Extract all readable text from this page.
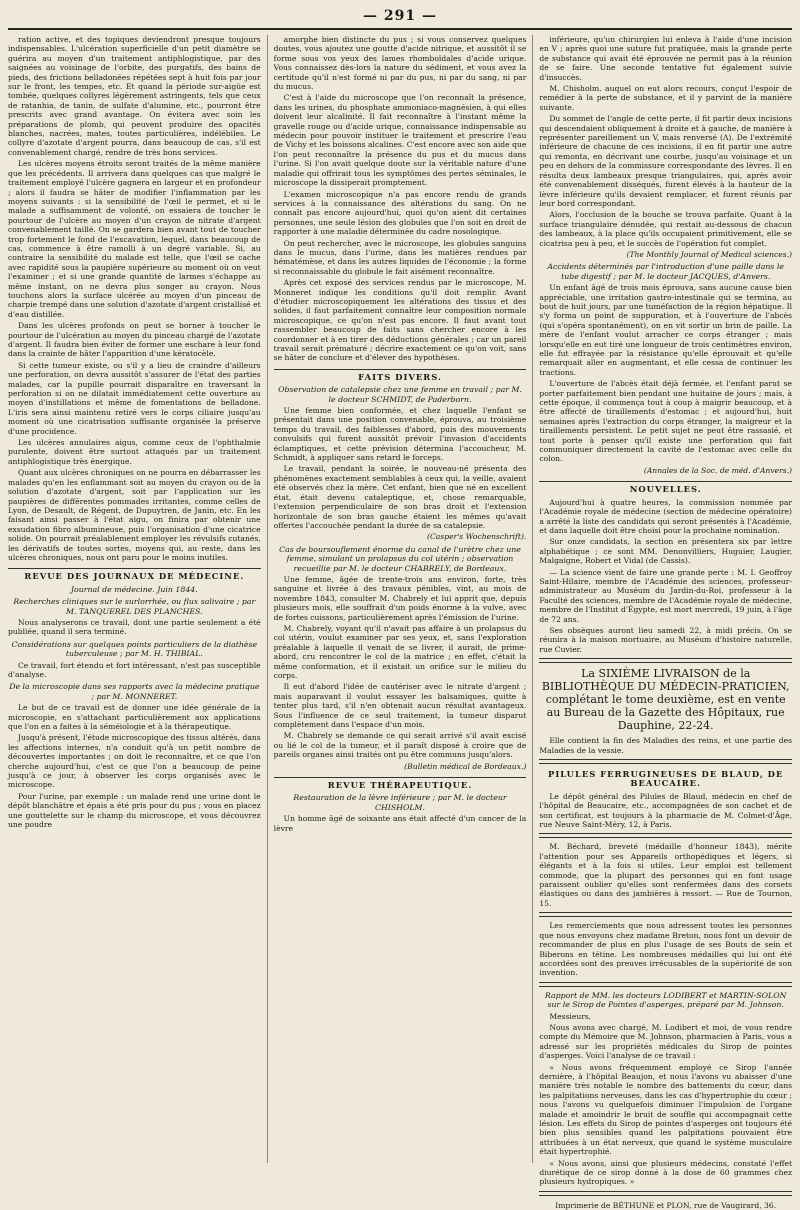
— 291 —

ration active, et des topiques deviendront presque toujours indispensables. L'ulcération superficielle d'un petit diamètre se guérira au moyen d'un traitement antiphlogistique, par des saignées au voisinage de l'orbite, des purgatifs, des bains de pieds, des frictions belladonées répétées sept à huit fois par jour sur le front, les tempes, etc. Et quand la période sur-aigüe est tombée, quelques collyres légèrement astringents, tels que ceux de ratanhia, de tanin, de sulfate d'alumine, etc., pourront être prescrits avec grand avantage. On évitera avec soin les préparations de plomb, qui peuvent produire des opacités blanches, nacrées, mates, toutes particulières, indélébiles. Le collyre d'azotate d'argent pourra, dans beaucoup de cas, s'il est convenablement chargé, rendre de très bons services.

Les ulcères moyens étroits seront traités de la même manière que les précédents. Il arrivera dans quelques cas que malgré le traitement employé l'ulcère gagnera en largeur et en profondeur ; alors il faudra se hâter de modifier l'inflammation par les moyens suivants : si la sensibilité de l'œil le permet, et si le malade a suffisamment de volonté, on essaiera de toucher le pourtour de l'ulcère au moyen d'un crayon de nitrate d'argent convenablement taillé. On se gardera bien avant tout de toucher trop fortement le fond de l'excavation, lequel, dans beaucoup de cas, commence à être ramolli à un degré variable. Si, au contraire la sensibilité du malade est telle, que l'œil se cache avec rapidité sous la paupière supérieure au moment où on veut l'examiner ; et si une grande quantité de larmes s'échappe au même instant, on ne devra plus songer au crayon. Nous touchons alors la surface ulcérée au moyen d'un pinceau de charpie trempé dans une solution d'azotate d'argent cristallisé et d'eau distillée.

Dans les ulcères profonds on peut se borner à toucher le pourtour de l'ulcération au moyen du pinceau chargé de l'azotate d'argent. Il faudra bien éviter de former une eschare à leur fond dans la crainte de hâter l'apparition d'une kératocèle.

Si cette tumeur existe, ou s'il y a lieu de craindre d'ailleurs une perforation, on devra aussitôt s'assurer de l'état des parties malades, car la pupille pourrait disparaître en traversant la perforation si on ne dilatait immédiatement cette ouverture au moyen d'instillations et même de fomentations de belladone. L'iris sera ainsi maintenu retiré vers le corps ciliaire jusqu'au moment où une cicatrisation suffisante organisée la préserve d'une procidence.

Les ulcères annulaires aigus, comme ceux de l'ophthalmie purulente, doivent être surtout attaqués par un traitement antiphlogistique très énergique.

Quant aux ulcères chroniques on ne pourra en débarrasser les malades qu'en les enflammant soit au moyen du crayon ou de la solution d'azotate d'argent, soit par l'application sur les paupières de différentes pommades irritantes, comme celles de Lyon, de Desault, de Régent, de Dupuytren, de Janin, etc. En les faisant ainsi passer à l'état aigu, on finira par obtenir une exsudation fibro albumineuse, puis l'organisation d'une cicatrice solide. On pourrait préalablement employer les révulsifs cutanés, les dérivatifs de toutes sortes, moyens qui, au reste, dans les ulcères chroniques, nous ont paru pour le moins inutiles.

REVUE DES JOURNAUX DE MÉDECINE.
Journal de médecine. Juin 1844.
Recherches cliniques sur le surlorrhée, ou flux salivaire ; par M. TANQUEREL DES PLANCHES.

Nous analyserons ce travail, dont une partie seulement a été publiée, quand il sera terminé.

Considérations sur quelques points particuliers de la diathèse tuberculeuse ; par M. H. THIBIAL.

Ce travail, fort étendu et fort intéressant, n'est pas susceptible d'analyse.

De la microscopie dans ses rapports avec la médecine pratique ; par M. MONNERET.

Le but de ce travail est de donner une idée générale de la microscopie, en s'attachant particulièrement aux applications que l'on en a faites à la séméiologie et à la thérapeutique.

Jusqu'à présent, l'étude microscopique des tissus altérés, dans les affections internes, n'a conduit qu'à un petit nombre de découvertes importantes ; on doit le reconnaître, et ce que l'on cherche aujourd'hui, c'est ce que l'on a beaucoup de peine jusqu'à ce jour, à observer les corps organisés avec le microscope.

Pour l'urine, par exemple : un malade rend une urine dont le dépôt blanchâtre et épais a été pris pour du pus ; vous en placez une gouttelette sur le champ du microscope, et vous découvrez une poudre

amorphe bien distincte du pus ; si vous conservez quelques doutes, vous ajoutez une goutte d'acide nitrique, et aussitôt il se forme sous vos yeux des lames rhomboïdales d'acide urique. Vous connaissez dès-lors la nature du sédiment, et vous avez la certitude qu'il n'est formé ni par du pus, ni par du sang, ni par du mucus.

C'est à l'aide du microscope que l'on reconnaît la présence, dans les urines, du phosphate ammoniaco-magnésien, à qui elles doivent leur alcalinité. Il fait reconnaître à l'instant même la gravelle rouge ou d'acide urique, connaissance indispensable au médecin pour pouvoir instituer le traitement et prescrire l'eau de Vichy et les boissons alcalines. C'est encore avec son aide que l'on peut reconnaître la présence du pus et du mucus dans l'urine. Si l'on avait quelque doute sur la véritable nature d'une maladie qui offrirait tous les symptômes des pertes séminales, le microscope la dissiperait promptement.

L'examen microscopique n'a pas encore rendu de grands services à la connaissance des altérations du sang. On ne connaît pas encore aujourd'hui, quoi qu'on aient dit certaines personnes, une seule lésion des globules que l'on soit en droit de rapporter à une maladie déterminée du cadre nosologique.

On peut rechercher, avec le microscope, les globules sanguins dans le mucus, dans l'urine, dans les matières rendues par hématémèse, et dans les autres liquides de l'économie ; la forme si reconnaissable du globule le fait aisément reconnaître.

Après cet exposé des services rendus par le microscope, M. Monneret indique les conditions qu'il doit remplir. Avant d'étudier microscopiquement les altérations des tissus et des solides, il faut parfaitement connaître leur composition normale microscopique, ce qu'on n'est pas encore. Il faut avant tout rassembler beaucoup de faits sans chercher encore à les coordonner et à en tirer des déductions générales ; car un pareil travail serait prématuré ; décrire exactement ce qu'on voit, sans se hâter de conclure et d'élever des hypothèses.

FAITS DIVERS.
Observation de catalepsie chez une femme en travail ; par M. le docteur SCHMIDT, de Paderborn.

Une femme bien conformée, et chez laquelle l'enfant se présentait dans une position convenable, éprouva, au troisième temps du travail, des faiblesses d'abord, puis des mouvements convulsifs qui furent aussitôt prévoir l'invasion d'accidents éclamptiques, et cette prévision détermina l'accoucheur, M. Schmidt, à appliquer sans retard le forceps.

Le travail, pendant la soirée, le nouveau-né présenta des phénomènes exactement semblables à ceux qui, la veille, avaient été observés chez la mère. Cet enfant, bien que né en excellent état, était devenu cataleptique, et, chose remarquable, l'extension perpendiculaire de son bras droit et l'extension horizontale de son bras gauche étaient les mêmes qu'avait offertes l'accouchée pendant la durée de sa catalepsie.

(Casper's Wochenschrift).
Cas de boursouflement énorme du canal de l'urètre chez une femme, simulant un prolapsus du col utérin ; observation recueillie par M. le docteur CHABRELY, de Bordeaux.

Une femme, âgée de trente-trois ans environ, forte, très sanguine et livrée à des travaux pénibles, vint, au mois de novembre 1843, consulter M. Chabrely et lui apprit que, depuis plusieurs mois, elle souffrait d'un poids énorme à la vulve, avec de fortes cuissons, particulièrement après l'émission de l'urine.

M. Chabrely, voyant qu'il n'avait pas affaire à un prolapsus du col utérin, voulut examiner par ses yeux, et, sans l'exploration préalable à laquelle il venait de se livrer, il aurait, de prime-abord, cru rencontrer le col de la matrice ; en effet, c'était la même conformation, et il existait un orifice sur le milieu du corps.

Il eut d'abord l'idée de cautériser avec le nitrate d'argent ; mais auparavant il voulut essayer les balsamiques, quitte à tenter plus tard, s'il n'en obtenait aucun résultat avantageux. Sous l'influence de ce seul traitement, la tumeur disparut complètement dans l'espace d'un mois.

M. Chabrely se demande ce qui serait arrivé s'il avait excisé ou lié le col de la tumeur, et il paraît disposé à croire que de pareils organes ainsi traités ont pu être communs jusqu'alors.

(Bulletin médical de Bordeaux.)
REVUE THÉRAPEUTIQUE.
Restauration de la lèvre inférieure ; par M. le docteur CHISHOLM.

Un homme âgé de soixante ans était affecté d'un cancer de la lèvre

inférieure, qu'un chirurgien lui enleva à l'aide d'une incision en V ; après quoi une suture fut pratiquée, mais la grande perte de substance qui avait été éprouvée ne permit pas à la réunion de se faire. Une seconde tentative fut également suivie d'insuccès.

M. Chisholm, auquel on eut alors recours, conçut l'espoir de remédier à la perte de substance, et il y parvint de la manière suivante.

Du sommet de l'angle de cette perte, il fit partir deux incisions qui descendaient obliquement à droite et à gauche, de manière à représenter pareillement un V, mais renversé (Λ). De l'extrémité inférieure de chacune de ces incisions, il en fit partir une autre qui remonta, en décrivant une courbe, jusqu'au voisinage et un peu en dehors de la commissure correspondante des lèvres. Il en résulta deux lambeaux presque triangulaires, qui, après avoir été convenablement disséqués, furent élevés à la hauteur de la lèvre inférieure qu'ils devaient remplacer, et furent réunis par leur bord correspondant.

Alors, l'occlusion de la bouche se trouva parfaite. Quant à la surface triangulaire dénudée, qui restait au-dessous de chacun des lambeaux, à la place qu'ils occupaient primitivement, elle se cicatrisa peu à peu, et le succès de l'opération fut complet.

(The Monthly Journal of Medical sciences.)
Accidents déterminés par l'introduction d'une paille dans le tube digestif ; par M. le docteur JACQUES, d'Anvers.

Un enfant âgé de trois mois éprouva, sans aucune cause bien appréciable, une irritation gastro-intestinale qui se termina, au bout de huit jours, par une tuméfaction de la région hépatique. Il s'y forma un point de suppuration, et à l'ouverture de l'abcès (qui s'opéra spontanément), on en vit sortir un brin de paille. La mère de l'enfant voulut arracher ce corps étranger ; mais lorsqu'elle en eut tiré une longueur de trois centimètres environ, elle fut effrayée par la résistance qu'elle éprouvait et qu'elle remarquait aller en augmentant, et elle cessa de continuer les tractions.

L'ouverture de l'abcès était déjà fermée, et l'enfant parut se porter parfaitement bien pendant une huitaine de jours ; mais, à cette époque, il commença tout à coup à maigrir beaucoup, et à être affecté de tiraillements d'estomac ; et aujourd'hui, huit semaines après l'extraction du corps étranger, la maigreur et la tiraillements persistent. Le petit sujet ne peut être rassasié, et tout porte à penser qu'il existe une perforation qui fait communiquer directement la cavité de l'estomac avec celle du colon.

(Annales de la Soc. de méd. d'Anvers.)
NOUVELLES.

Aujourd'hui à quatre heures, la commission nommée par l'Académie royale de médecine (section de médecine opératoire) a arrêté la liste des candidats qui seront présentés à l'Académie, et dans laquelle doit être choisi pour la prochaine nomination.

Sur onze candidats, la section en présentera six par lettre alphabétique ; ce sont MM. Denonvilliers, Huguier, Laugier, Malgaigne, Robert et Vidal (de Cassis).

— La science vient de faire une grande perte : M. I. Geoffroy Saint-Hilaire, membre de l'Académie des sciences, professeur-administrateur au Muséum du Jardin-du-Roi, professeur à la Faculté des sciences, membre de l'Académie royale de médecine, membre de l'Institut d'Égypte, est mort mercredi, 19 juin, à l'âge de 72 ans.

Ses obsèques auront lieu samedi 22, à midi précis. On se réunira à la maison mortuaire, au Muséum d'histoire naturelle, rue Cuvier.

La SIXIÈME LIVRAISON de la BIBLIOTHÈQUE DU MÉDECIN-PRATICIEN, complétant le tome deuxième, est en vente au Bureau de la Gazette des Hôpitaux, rue Dauphine, 22-24.

Elle contient la fin des Maladies des reins, et une partie des Maladies de la vessie.

PILULES FERRUGINEUSES DE BLAUD, DE BEAUCAIRE.

Le dépôt général des Pilules de Blaud, médecin en chef de l'hôpital de Beaucaire, etc., accompagnées de son cachet et de son certificat, est toujours à la pharmacie de M. Colmet-d'Âge, rue Neuve Saint-Méry, 12, à Paris.

M. Béchard, breveté (médaille d'honneur 1843), mérite l'attention pour ses Appareils orthopédiques et légers, si élégants et à la fois si utiles. Leur emploi est tellement commode, que la plupart des personnes qui en font usage paraissent oublier qu'elles sont renfermées dans des corsets élastiques ou dans des jambières à ressort. — Rue de Tournon, 15.

Les remerciements que nous adressent toutes les personnes que nous envoyons chez madame Breton, nous font un devoir de recommander de plus en plus l'usage de ses Bouts de sein et Biberons en tétine. Les nombreuses médailles qui lui ont été accordées sont des preuves irrécusables de la supériorité de son invention.

Rapport de MM. les docteurs LODIBERT et MARTIN-SOLON sur le Sirop de Pointes d'asperges, préparé par M. Johnson.

Messieurs,

Nous avons avec chargé, M. Lodibert et moi, de vous rendre compte du Mémoire que M. Johnson, pharmacien à Paris, vous a adressé sur les propriétés médicales du Sirop de pointes d'asperges. Voici l'analyse de ce travail :

« Nous avons fréquemment employé ce Sirop l'année dernière, à l'hôpital Beaujon, et nous l'avons vu abaisser d'une manière très notable le nombre des battements du cœur, dans les palpitations nerveuses, dans les cas d'hypertrophie du cœur ; nous l'avons vu quelquefois diminuer l'impulsion de l'organe malade et amoindrir le bruit de souffle qui accompagnait cette lésion. Les effets du Sirop de pointes d'asperges ont toujours été bien plus sensibles quand les palpitations pouvaient être attribuées à un état nerveux, que quand le système musculaire était hypertrophié.

« Nous avons, ainsi que plusieurs médecins, constaté l'effet diurétique de ce sirop donné à la dose de 60 grammes chez plusieurs hydropiques. »

Imprimerie de BÉTHUNE et PLON, rue de Vaugirard, 36.
